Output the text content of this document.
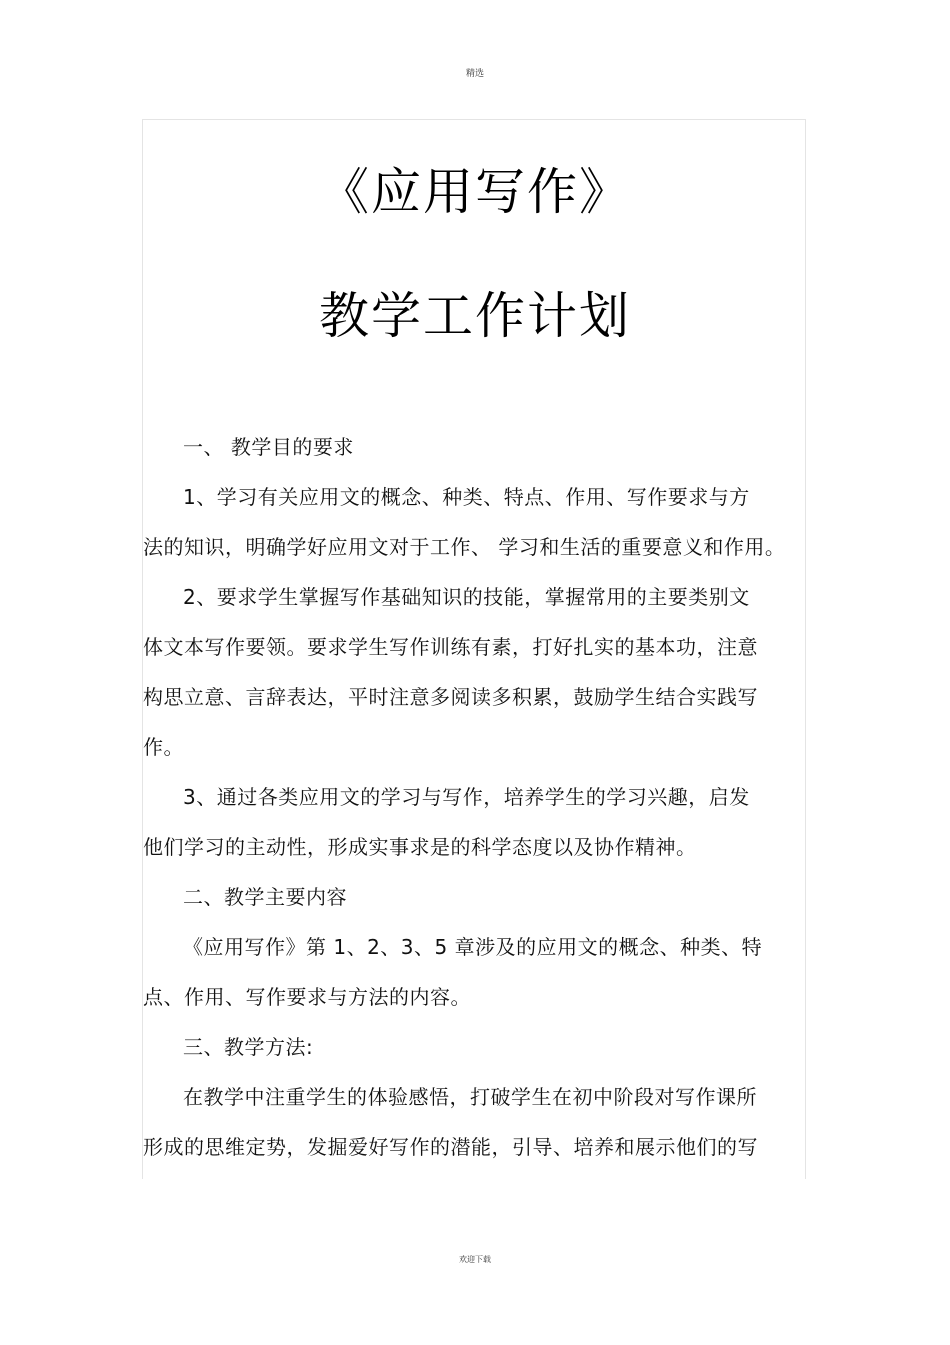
精选
《应用写作》
教学工作计划

一、 教学目的要求

1、学习有关应用文的概念、种类、特点、作用、写作要求与方

法的知识，明确学好应用文对于工作、 学习和生活的重要意义和作用。

2、要求学生掌握写作基础知识的技能，掌握常用的主要类别文

体文本写作要领。要求学生写作训练有素，打好扎实的基本功，注意

构思立意、言辞表达，平时注意多阅读多积累，鼓励学生结合实践写

作。

3、通过各类应用文的学习与写作，培养学生的学习兴趣，启发

他们学习的主动性，形成实事求是的科学态度以及协作精神。

二、教学主要内容

《应用写作》第 1、2、3、5 章涉及的应用文的概念、种类、特

点、作用、写作要求与方法的内容。

三、教学方法:

在教学中注重学生的体验感悟，打破学生在初中阶段对写作课所

形成的思维定势，发掘爱好写作的潜能，引导、培养和展示他们的写

欢迎下载
